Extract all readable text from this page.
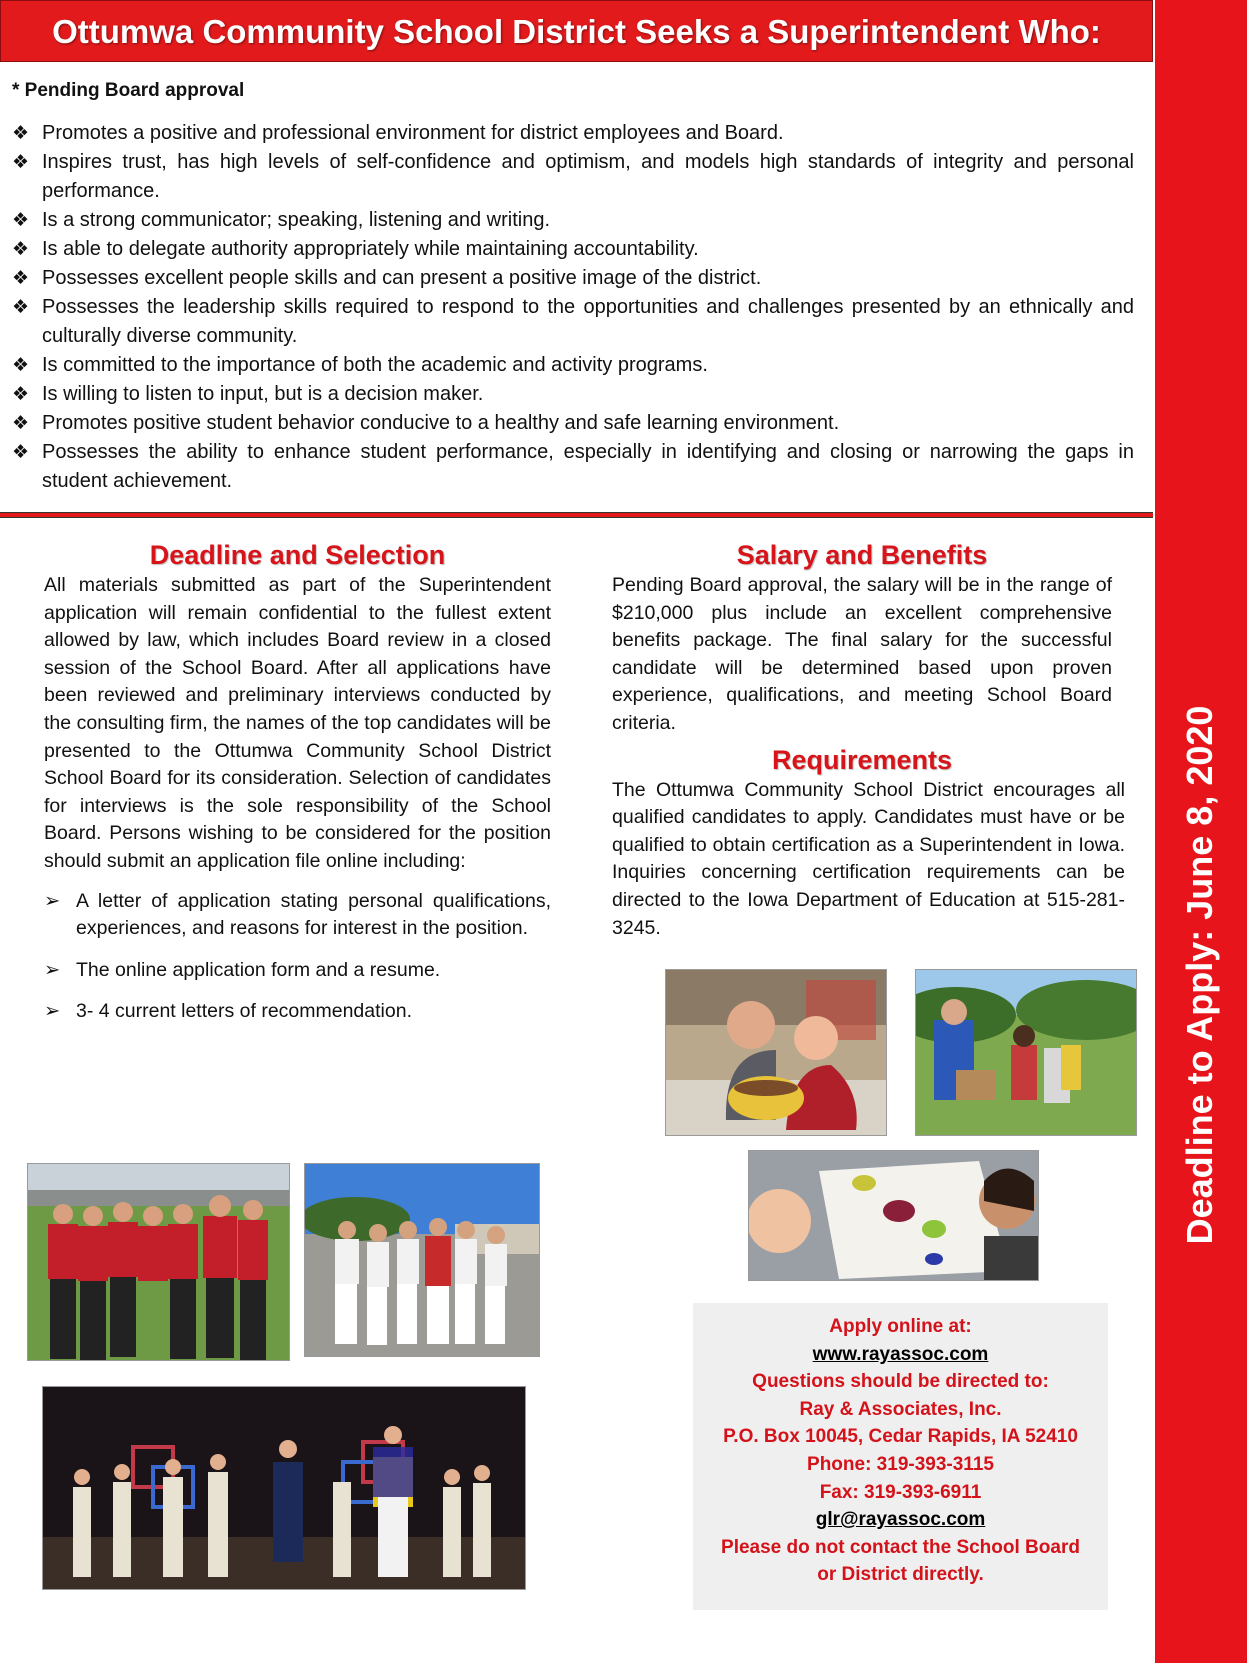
Ottumwa Community School District Seeks a Superintendent Who:
* Pending Board approval
❖ Promotes a positive and professional environment for district employees and Board.
❖ Inspires trust, has high levels of self-confidence and optimism, and models high standards of integrity and personal performance.
❖ Is a strong communicator; speaking, listening and writing.
❖ Is able to delegate authority appropriately while maintaining accountability.
❖ Possesses excellent people skills and can present a positive image of the district.
❖ Possesses the leadership skills required to respond to the opportunities and challenges presented by an ethnically and culturally diverse community.
❖ Is committed to the importance of both the academic and activity programs.
❖ Is willing to listen to input, but is a decision maker.
❖ Promotes positive student behavior conducive to a healthy and safe learning environment.
❖ Possesses the ability to enhance student performance, especially in identifying and closing or narrowing the gaps in student achievement.
Deadline and Selection
All materials submitted as part of the Superintendent application will remain confidential to the fullest extent allowed by law, which includes Board review in a closed session of the School Board. After all applications have been reviewed and preliminary interviews conducted by the consulting firm, the names of the top candidates will be presented to the Ottumwa Community School District School Board for its consideration. Selection of candidates for interviews is the sole responsibility of the School Board. Persons wishing to be considered for the position should submit an application file online including:
➢ A letter of application stating personal qualifications, experiences, and reasons for interest in the position.
➢ The online application form and a resume.
➢ 3- 4 current letters of recommendation.
Salary and Benefits
Pending Board approval, the salary will be in the range of $210,000 plus include an excellent comprehensive benefits package. The final salary for the successful candidate will be determined based upon proven experience, qualifications, and meeting School Board criteria.
Requirements
The Ottumwa Community School District encourages all qualified candidates to apply. Candidates must have or be qualified to obtain certification as a Superintendent in Iowa. Inquiries concerning certification requirements can be directed to the Iowa Department of Education at 515-281-3245.
Apply online at:
www.rayassoc.com
Questions should be directed to:
Ray & Associates, Inc.
P.O. Box 10045, Cedar Rapids, IA 52410
Phone: 319-393-3115
Fax: 319-393-6911
glr@rayassoc.com
Please do not contact the School Board
or District directly.
Deadline to Apply: June 8, 2020
